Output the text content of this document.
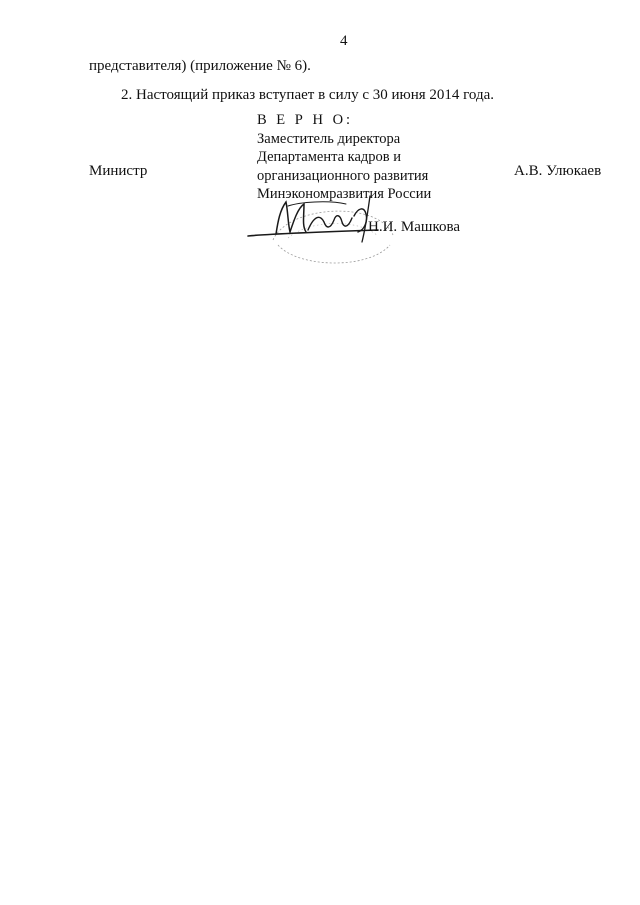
4
представителя) (приложение № 6).
2. Настоящий приказ вступает в силу с 30 июня 2014 года.
Министр	А.В. Улюкаев
В Е Р Н О:
Заместитель директора
Департамента кадров и
организационного развития
Минэкономразвития России
Н.И. Машкова
